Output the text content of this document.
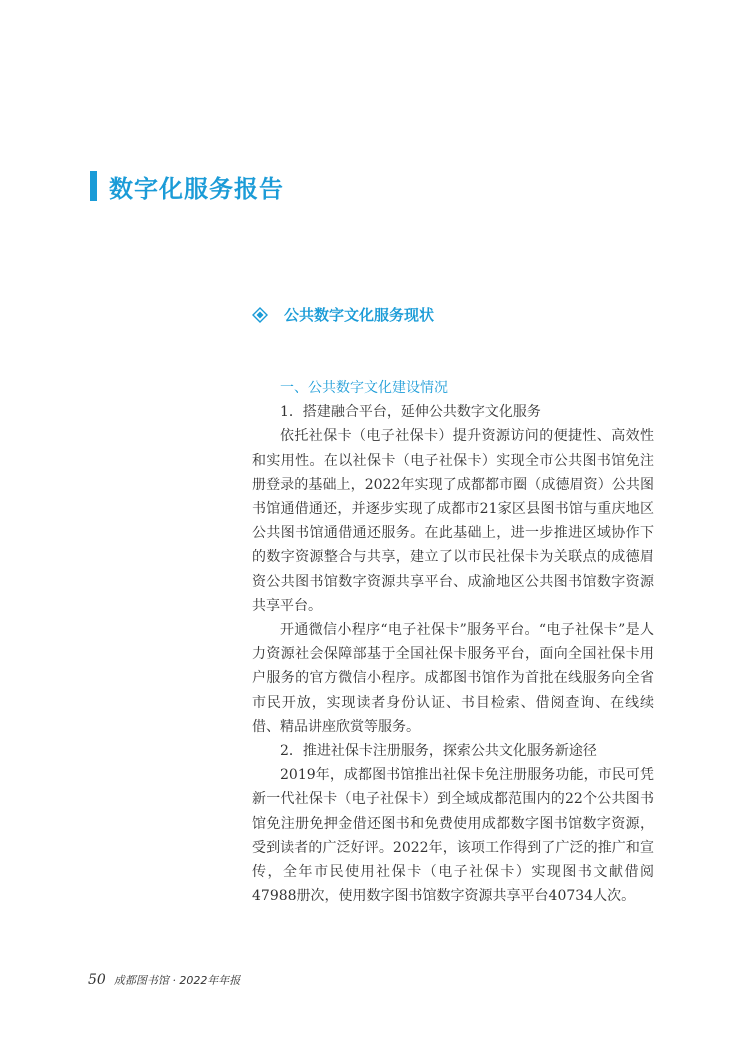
数字化服务报告
公共数字文化服务现状

一、公共数字文化建设情况

1．搭建融合平台，延伸公共数字文化服务

依托社保卡（电子社保卡）提升资源访问的便捷性、高效性和实用性。在以社保卡（电子社保卡）实现全市公共图书馆免注册登录的基础上，2022年实现了成都都市圈（成德眉资）公共图书馆通借通还，并逐步实现了成都市21家区县图书馆与重庆地区公共图书馆通借通还服务。在此基础上，进一步推进区域协作下的数字资源整合与共享，建立了以市民社保卡为关联点的成德眉资公共图书馆数字资源共享平台、成渝地区公共图书馆数字资源共享平台。

开通微信小程序“电子社保卡”服务平台。“电子社保卡”是人力资源社会保障部基于全国社保卡服务平台，面向全国社保卡用户服务的官方微信小程序。成都图书馆作为首批在线服务向全省市民开放，实现读者身份认证、书目检索、借阅查询、在线续借、精品讲座欣赏等服务。

2．推进社保卡注册服务，探索公共文化服务新途径

2019年，成都图书馆推出社保卡免注册服务功能，市民可凭新一代社保卡（电子社保卡）到全域成都范围内的22个公共图书馆免注册免押金借还图书和免费使用成都数字图书馆数字资源，受到读者的广泛好评。2022年，该项工作得到了广泛的推广和宣传，全年市民使用社保卡（电子社保卡）实现图书文献借阅47988册次，使用数字图书馆数字资源共享平台40734人次。

50 成都图书馆 · 2022年年报
